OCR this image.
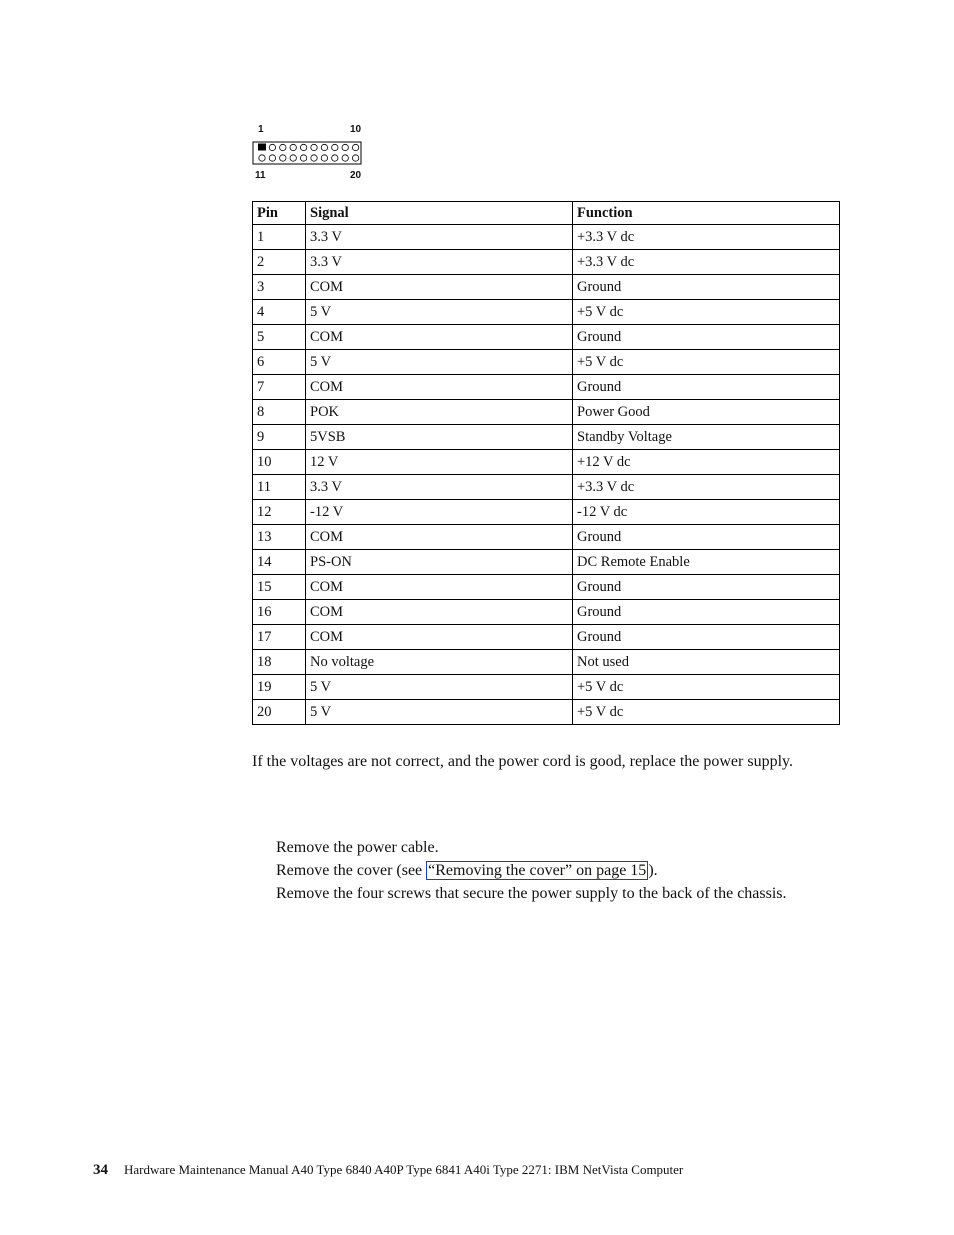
1	10
11	20
Pin	Signal	Function
1	3.3 V	+3.3 V dc
2	3.3 V	+3.3 V dc
3	COM	Ground
4	5 V	+5 V dc
5	COM	Ground
6	5 V	+5 V dc
7	COM	Ground
8	POK	Power Good
9	5VSB	Standby Voltage
10	12 V	+12 V dc
11	3.3 V	+3.3 V dc
12	-12 V	-12 V dc
13	COM	Ground
14	PS-ON	DC Remote Enable
15	COM	Ground
16	COM	Ground
17	COM	Ground
18	No voltage	Not used
19	5 V	+5 V dc
20	5 V	+5 V dc
If the voltages are not correct, and the power cord is good, replace the power supply.
Remove the power cable.
Remove the cover (see “Removing the cover” on page 15 ).
Remove the four screws that secure the power supply to the back of the chassis.
34 Hardware Maintenance Manual A40 Type 6840 A40P Type 6841 A40i Type 2271: IBM NetVista Computer
